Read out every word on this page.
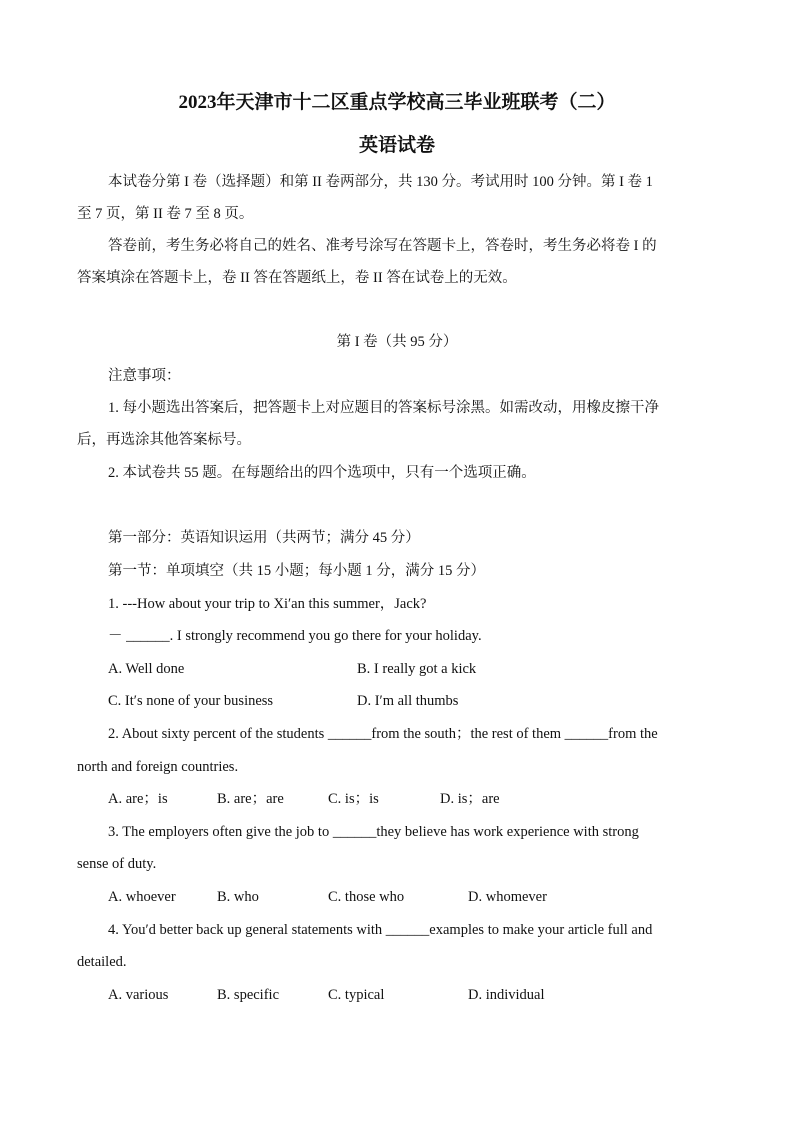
2023年天津市十二区重点学校高三毕业班联考（二）
英语试卷
本试卷分第 I 卷（选择题）和第 II 卷两部分，共 130 分。考试用时 100 分钟。第 I 卷 1
至 7 页，第 II 卷 7 至 8 页。
答卷前，考生务必将自己的姓名、准考号涂写在答题卡上，答卷时，考生务必将卷 I 的
答案填涂在答题卡上，卷 II 答在答题纸上，卷 II 答在试卷上的无效。
第 I 卷（共 95 分）
注意事项：
1. 每小题选出答案后，把答题卡上对应题目的答案标号涂黑。如需改动，用橡皮擦干净
后，再选涂其他答案标号。
2. 本试卷共 55 题。在每题给出的四个选项中，只有一个选项正确。
第一部分：英语知识运用（共两节；满分 45 分）
第一节：单项填空（共 15 小题；每小题 1 分，满分 15 分）
1. ---How about your trip to Xi′an this summer，Jack?
－ ______. I strongly recommend you go there for your holiday.
A. Well done	B. I really got a kick
C. It′s none of your business	D. I′m all thumbs
2. About sixty percent of the students ______from the south；the rest of them ______from the
north and foreign countries.
A. are；is	B. are；are	C. is；is	D. is；are
3. The employers often give the job to ______they believe has work experience with strong
sense of duty.
A. whoever	B. who	C. those who	D. whomever
4. You′d better back up general statements with ______examples to make your article full and
detailed.
A. various	B. specific	C. typical	D. individual
